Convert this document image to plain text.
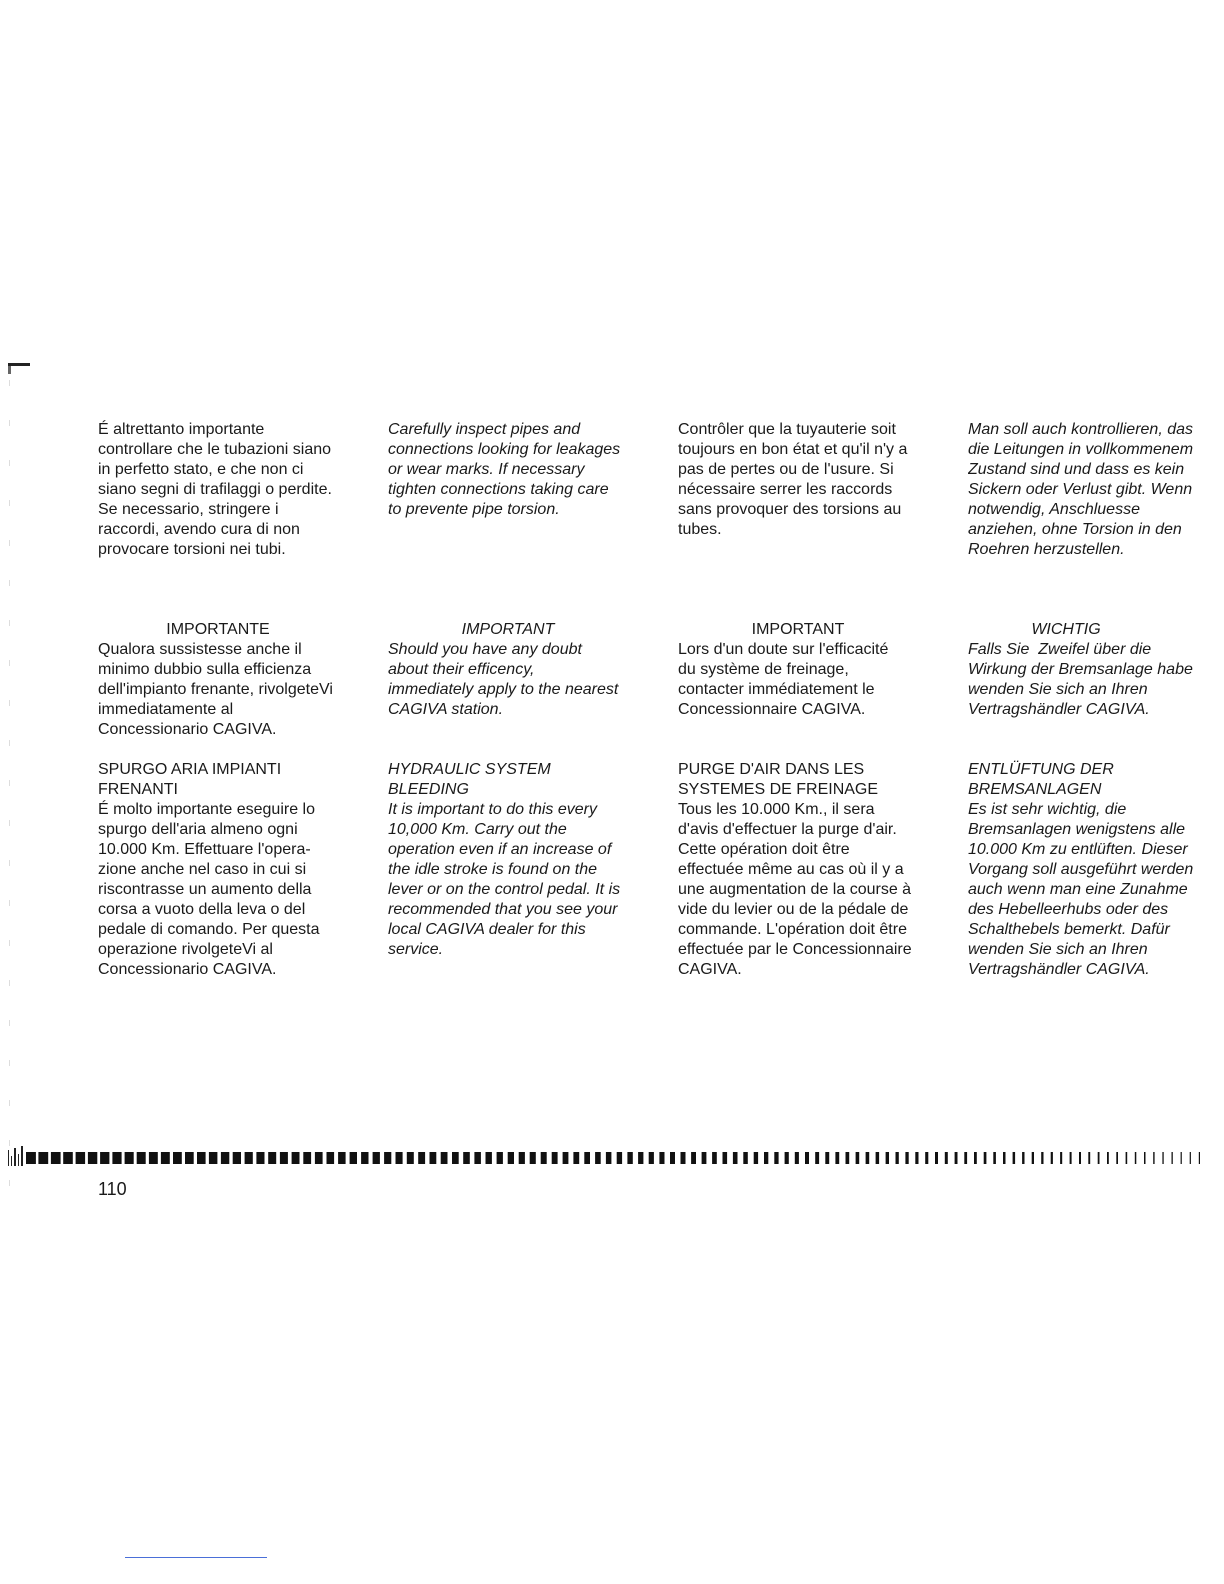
É altrettanto importante
controllare che le tubazioni siano
in perfetto stato, e che non ci
siano segni di trafilaggi o perdite.
Se necessario, stringere i
raccordi, avendo cura di non
provocare torsioni nei tubi.

Carefully inspect pipes and
connections looking for leakages
or wear marks. If necessary
tighten connections taking care
to prevente pipe torsion.

Contrôler que la tuyauterie soit
toujours en bon état et qu'il n'y a
pas de pertes ou de l'usure. Si
nécessaire serrer les raccords
sans provoquer des torsions au
tubes.

Man soll auch kontrollieren, das
die Leitungen in vollkommenem
Zustand sind und dass es kein
Sickern oder Verlust gibt. Wenn
notwendig, Anschluesse
anziehen, ohne Torsion in den
Roehren herzustellen.

IMPORTANTE

Qualora sussistesse anche il
minimo dubbio sulla efficienza
dell'impianto frenante, rivolgeteVi
immediatamente al
Concessionario CAGIVA.

IMPORTANT

Should you have any doubt
about their efficency,
immediately apply to the nearest
CAGIVA station.

IMPORTANT

Lors d'un doute sur l'efficacité
du système de freinage,
contacter immédiatement le
Concessionnaire CAGIVA.

WICHTIG

Falls Sie  Zweifel über die
Wirkung der Bremsanlage habe
wenden Sie sich an Ihren
Vertragshändler CAGIVA.

SPURGO ARIA IMPIANTI
FRENANTI

É molto importante eseguire lo
spurgo dell'aria almeno ogni
10.000 Km. Effettuare l'opera-
zione anche nel caso in cui si
riscontrasse un aumento della
corsa a vuoto della leva o del
pedale di comando. Per questa
operazione rivolgeteVi al
Concessionario CAGIVA.

HYDRAULIC SYSTEM
BLEEDING

It is important to do this every
10,000 Km. Carry out the
operation even if an increase of
the idle stroke is found on the
lever or on the control pedal. It is
recommended that you see your
local CAGIVA dealer for this
service.

PURGE D'AIR DANS LES
SYSTEMES DE FREINAGE

Tous les 10.000 Km., il sera
d'avis d'effectuer la purge d'air.
Cette opération doit être
effectuée même au cas où il y a
une augmentation de la course à
vide du levier ou de la pédale de
commande. L'opération doit être
effectuée par le Concessionnaire
CAGIVA.

ENTLÜFTUNG DER
BREMSANLAGEN

Es ist sehr wichtig, die
Bremsanlagen wenigstens alle
10.000 Km zu entlüften. Dieser
Vorgang soll ausgeführt werden
auch wenn man eine Zunahme
des Hebelleerhubs oder des
Schalthebels bemerkt. Dafür
wenden Sie sich an Ihren
Vertragshändler CAGIVA.

110
